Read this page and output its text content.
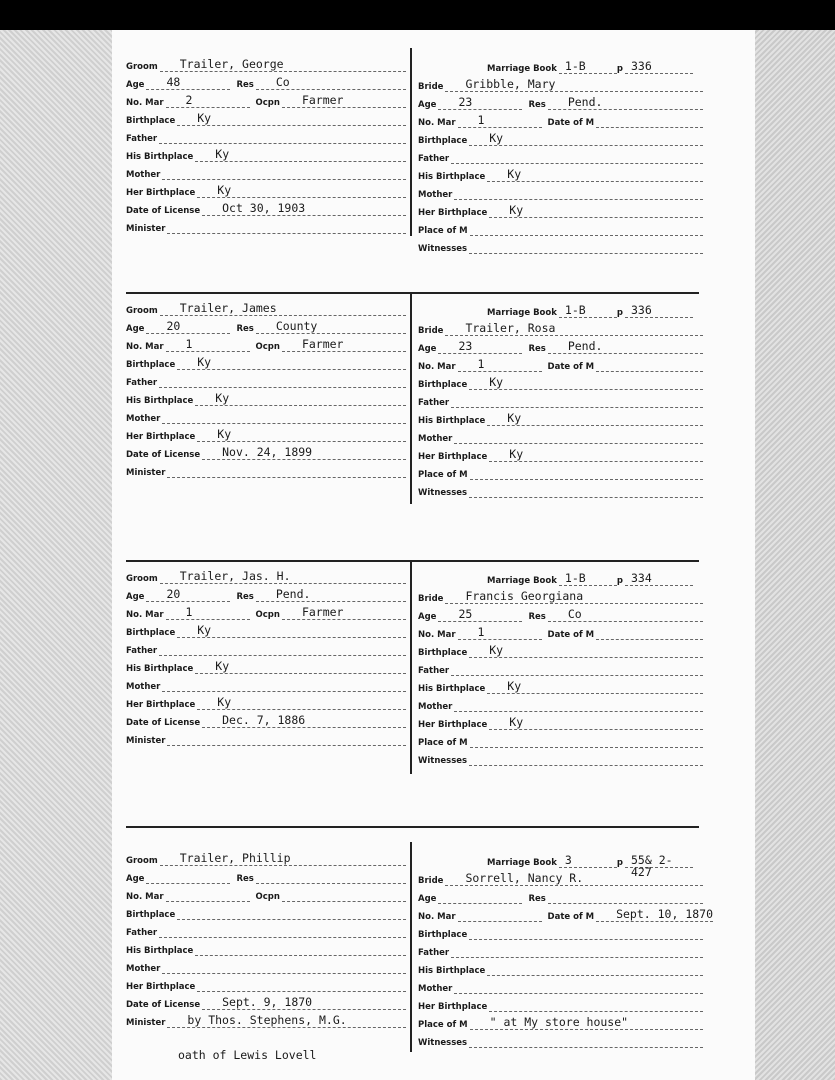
Groom	Trailer, George
Age	48	Res	Co
No. Mar	2	Ocpn	Farmer
Birthplace	Ky
Father
His Birthplace	Ky
Mother
Her Birthplace	Ky
Date of License	Oct 30, 1903
Minister
Marriage Book 1-B	p 336
Bride	Gribble, Mary
Age	23	Res	Pend.
No. Mar	1	Date of M
Birthplace	Ky
Father
His Birthplace	Ky
Mother
Her Birthplace	Ky
Place of M
Witnesses
Groom	Trailer, James
Age	20	Res	County
No. Mar	1	Ocpn	Farmer
Birthplace	Ky
Father
His Birthplace	Ky
Mother
Her Birthplace	Ky
Date of License	Nov. 24, 1899
Minister
Marriage Book 1-B	p 336
Bride	Trailer, Rosa
Age	23	Res	Pend.
No. Mar	1	Date of M
Birthplace	Ky
Father
His Birthplace	Ky
Mother
Her Birthplace	Ky
Place of M
Witnesses
Groom	Trailer, Jas. H.
Age	20	Res	Pend.
No. Mar	1	Ocpn	Farmer
Birthplace	Ky
Father
His Birthplace	Ky
Mother
Her Birthplace	Ky
Date of License	Dec. 7, 1886
Minister
Marriage Book 1-B	p 334
Bride	Francis Georgiana
Age	25	Res	Co
No. Mar	1	Date of M
Birthplace	Ky
Father
His Birthplace	Ky
Mother
Her Birthplace	Ky
Place of M
Witnesses
Groom	Trailer, Phillip
Age	Res
No. Mar	Ocpn
Birthplace
Father
His Birthplace
Mother
Her Birthplace
Date of License	Sept. 9, 1870
Minister	by Thos. Stephens, M.G.
Marriage Book 3	p 55& 2-427
Bride	Sorrell, Nancy R.
Age	Res
No. Mar	Date of M	Sept. 10, 1870
Birthplace
Father
His Birthplace
Mother
Her Birthplace
Place of M	" at My store house"
Witnesses
oath of Lewis Lovell
